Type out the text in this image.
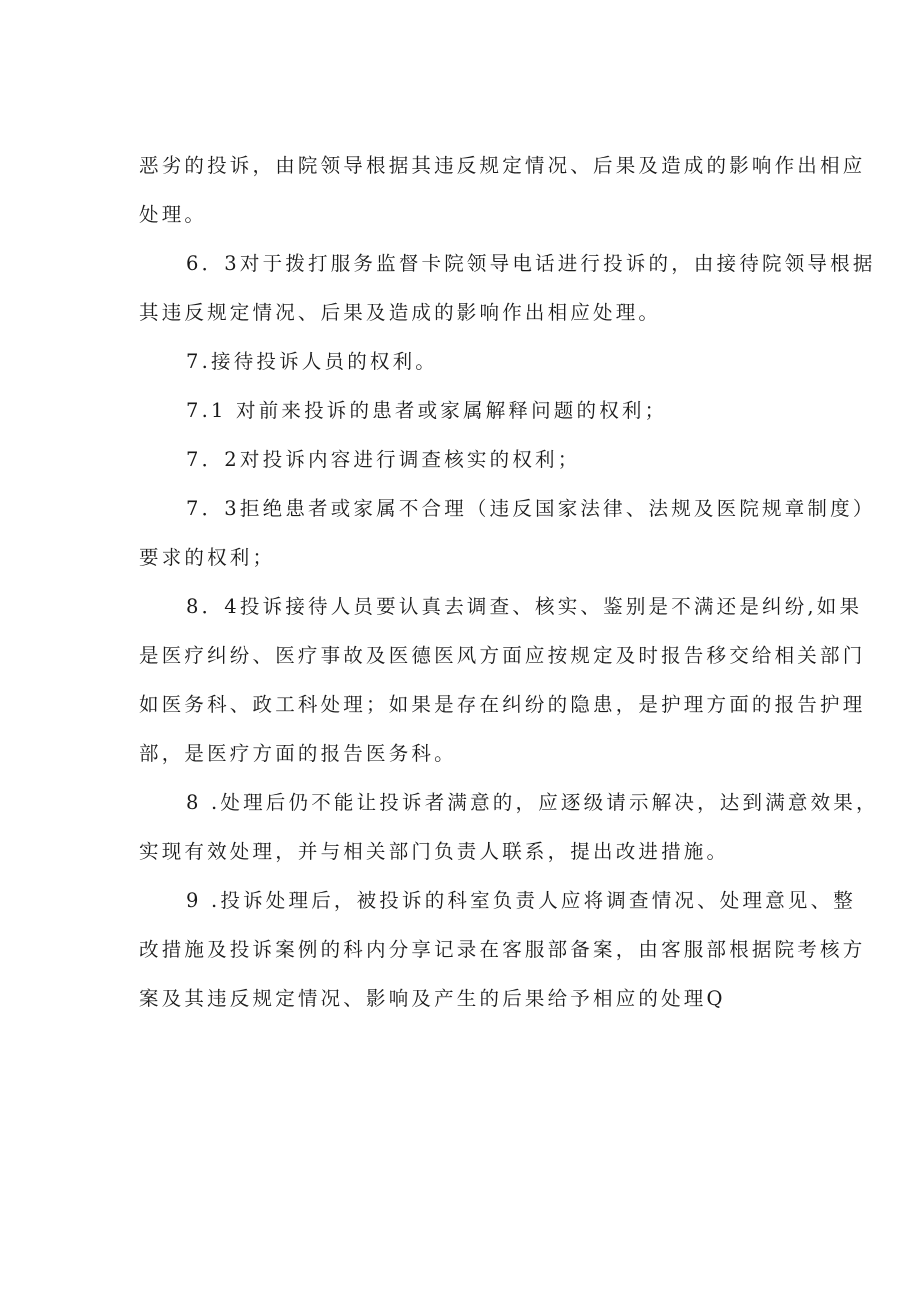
恶劣的投诉，由院领导根据其违反规定情况、后果及造成的影响作出相应
处理。
6．3对于拨打服务监督卡院领导电话进行投诉的，由接待院领导根据
其违反规定情况、后果及造成的影响作出相应处理。
7.接待投诉人员的权利。
7.1 对前来投诉的患者或家属解释问题的权利；
7．2对投诉内容进行调查核实的权利；
7．3拒绝患者或家属不合理（违反国家法律、法规及医院规章制度）
要求的权利；
8．4投诉接待人员要认真去调查、核实、鉴别是不满还是纠纷,如果
是医疗纠纷、医疗事故及医德医风方面应按规定及时报告移交给相关部门
如医务科、政工科处理；如果是存在纠纷的隐患，是护理方面的报告护理
部，是医疗方面的报告医务科。
8 .处理后仍不能让投诉者满意的，应逐级请示解决，达到满意效果，
实现有效处理，并与相关部门负责人联系，提出改进措施。
9 .投诉处理后，被投诉的科室负责人应将调查情况、处理意见、整
改措施及投诉案例的科内分享记录在客服部备案，由客服部根据院考核方
案及其违反规定情况、影响及产生的后果给予相应的处理Q
